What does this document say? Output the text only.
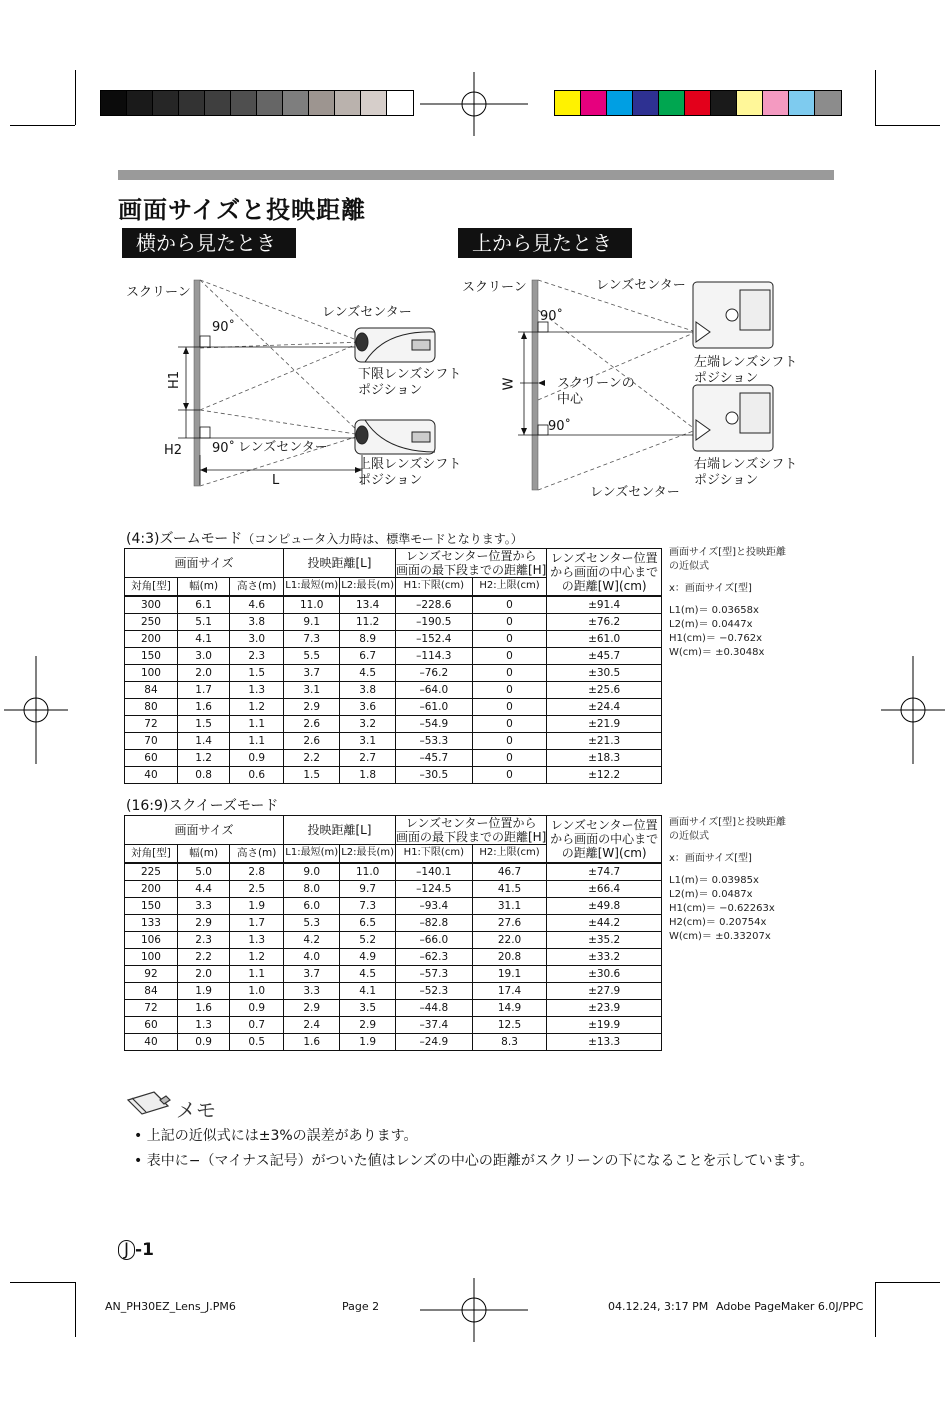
画面サイズと投映距離
横から見たとき	上から見たとき
スクリーン
90˚
レンズセンター
下限レンズシフト
ポジション
H1
H2 90˚ レンズセンター
上限レンズシフト
ポジション
L
スクリーン	レンズセンター
90˚
左端レンズシフト
ポジション
W	スクリーンの
中心
90˚
右端レンズシフト
ポジション
レンズセンター
(4:3)ズームモード（コンピュータ入力時は、標準モードとなります。）
画面サイズ			投映距離[L]		レンズセンター位置から
画面の最下段までの距離[H]		レンズセンター位置
から画面の中心まで
の距離[W](cm)

対角[型]	幅(m)	高さ(m)	L1:最短(m)	L2:最長(m)	H1:下限(cm)	H2:上限(cm)	
300	6.1	4.6	11.0	13.4	–228.6	0	±91.4
250	5.1	3.8	9.1	11.2	–190.5	0	±76.2
200	4.1	3.0	7.3	8.9	–152.4	0	±61.0
150	3.0	2.3	5.5	6.7	–114.3	0	±45.7
100	2.0	1.5	3.7	4.5	–76.2	0	±30.5
84	1.7	1.3	3.1	3.8	–64.0	0	±25.6
80	1.6	1.2	2.9	3.6	–61.0	0	±24.4
72	1.5	1.1	2.6	3.2	–54.9	0	±21.9
70	1.4	1.1	2.6	3.1	–53.3	0	±21.3
60	1.2	0.9	2.2	2.7	–45.7	0	±18.3
40	0.8	0.6	1.5	1.8	–30.5	0	±12.2
画面サイズ[型]と投映距離
の近似式
x：画面サイズ[型]
L1(m)＝ 0.03658x
L2(m)＝ 0.0447x
H1(cm)＝ −0.762x
W(cm)＝ ±0.3048x
(16:9)スクイーズモード
画面サイズ			投映距離[L]		レンズセンター位置から
画面の最下段までの距離[H]		レンズセンター位置
から画面の中心まで
の距離[W](cm)

対角[型]	幅(m)	高さ(m)	L1:最短(m)	L2:最長(m)	H1:下限(cm)	H2:上限(cm)	
225	5.0	2.8	9.0	11.0	–140.1	46.7	±74.7
200	4.4	2.5	8.0	9.7	–124.5	41.5	±66.4
150	3.3	1.9	6.0	7.3	–93.4	31.1	±49.8
133	2.9	1.7	5.3	6.5	–82.8	27.6	±44.2
106	2.3	1.3	4.2	5.2	–66.0	22.0	±35.2
100	2.2	1.2	4.0	4.9	–62.3	20.8	±33.2
92	2.0	1.1	3.7	4.5	–57.3	19.1	±30.6
84	1.9	1.0	3.3	4.1	–52.3	17.4	±27.9
72	1.6	0.9	2.9	3.5	–44.8	14.9	±23.9
60	1.3	0.7	2.4	2.9	–37.4	12.5	±19.9
40	0.9	0.5	1.6	1.9	–24.9	8.3	±13.3
画面サイズ[型]と投映距離
の近似式
x：画面サイズ[型]
L1(m)＝ 0.03985x
L2(m)＝ 0.0487x
H1(cm)＝ −0.62263x
H2(cm)＝ 0.20754x
W(cm)＝ ±0.33207x
メモ
• 上記の近似式には±3%の誤差があります。
• 表中に−（マイナス記号）がついた値はレンズの中心の距離がスクリーンの下になることを示しています。
J -1
AN_PH30EZ_Lens_J.PM6	Page 2	04.12.24, 3:17 PM Adobe PageMaker 6.0J/PPC
